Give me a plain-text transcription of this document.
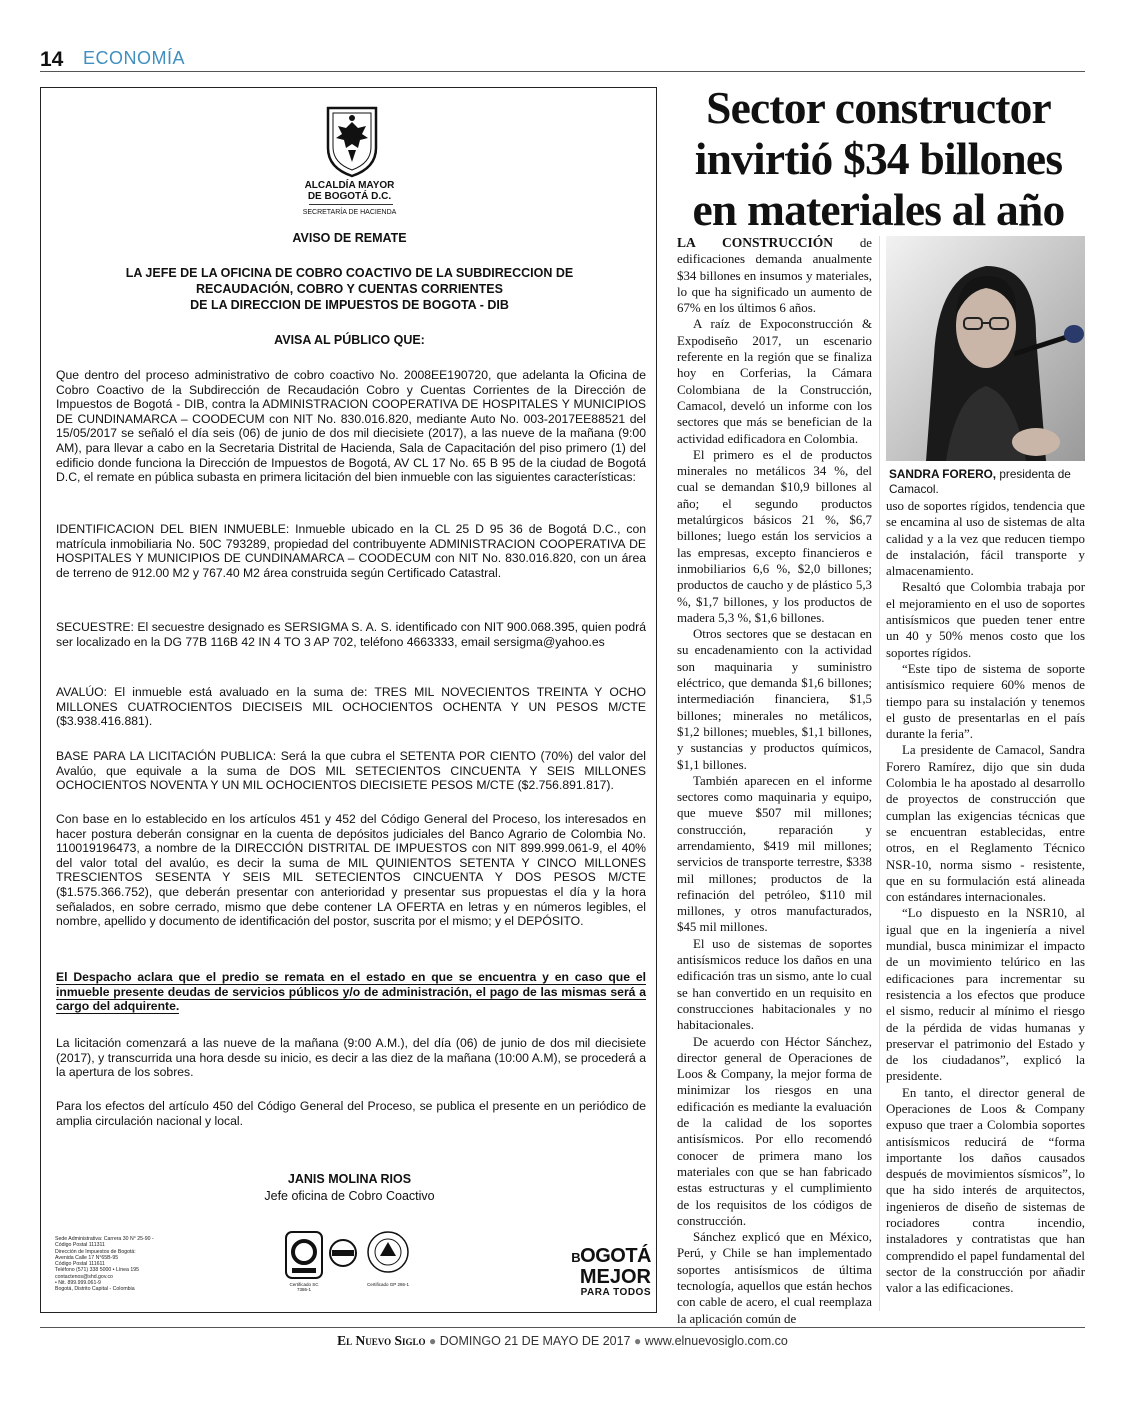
14 ECONOMÍA
ALCALDÍA MAYOR
DE BOGOTÁ D.C.
SECRETARÍA DE HACIENDA
AVISO DE REMATE
LA JEFE DE LA OFICINA DE COBRO COACTIVO DE LA SUBDIRECCION DE
RECAUDACIÓN, COBRO Y CUENTAS CORRIENTES
DE LA DIRECCION DE IMPUESTOS DE BOGOTA - DIB
AVISA AL PÚBLICO QUE:
Que dentro del proceso administrativo de cobro coactivo No. 2008EE190720, que adelanta la Oficina de Cobro Coactivo de la Subdirección de Recaudación Cobro y Cuentas Corrientes de la Dirección de Impuestos de Bogotá - DIB, contra la ADMINISTRACION COOPERATIVA DE HOSPITALES Y MUNICIPIOS DE CUNDINAMARCA – COODECUM con NIT No. 830.016.820, mediante Auto No. 003-2017EE88521 del 15/05/2017 se señaló el día seis (06) de junio de dos mil diecisiete (2017), a las nueve de la mañana (9:00 AM), para llevar a cabo en la Secretaria Distrital de Hacienda, Sala de Capacitación del piso primero (1) del edificio donde funciona la Dirección de Impuestos de Bogotá, AV CL 17 No. 65 B 95 de la ciudad de Bogotá D.C, el remate en pública subasta en primera licitación del bien inmueble con las siguientes características:
IDENTIFICACION DEL BIEN INMUEBLE: Inmueble ubicado en la CL 25 D 95 36 de Bogotá D.C., con matrícula inmobiliaria No. 50C 793289, propiedad del contribuyente ADMINISTRACION COOPERATIVA DE HOSPITALES Y MUNICIPIOS DE CUNDINAMARCA – COODECUM con NIT No. 830.016.820, con un área de terreno de 912.00 M2 y 767.40 M2 área construida según Certificado Catastral.
SECUESTRE: El secuestre designado es SERSIGMA S. A. S. identificado con NIT 900.068.395, quien podrá ser localizado en la DG 77B 116B 42 IN 4 TO 3 AP 702, teléfono 4663333, email sersigma@yahoo.es
AVALÚO: El inmueble está avaluado en la suma de: TRES MIL NOVECIENTOS TREINTA Y OCHO MILLONES CUATROCIENTOS DIECISEIS MIL OCHOCIENTOS OCHENTA Y UN PESOS M/CTE ($3.938.416.881).
BASE PARA LA LICITACIÓN PUBLICA: Será la que cubra el SETENTA POR CIENTO (70%) del valor del Avalúo, que equivale a la suma de DOS MIL SETECIENTOS CINCUENTA Y SEIS MILLONES OCHOCIENTOS NOVENTA Y UN MIL OCHOCIENTOS DIECISIETE PESOS M/CTE ($2.756.891.817).
Con base en lo establecido en los artículos 451 y 452 del Código General del Proceso, los interesados en hacer postura deberán consignar en la cuenta de depósitos judiciales del Banco Agrario de Colombia No. 110019196473, a nombre de la DIRECCIÓN DISTRITAL DE IMPUESTOS con NIT 899.999.061-9, el 40% del valor total del avalúo, es decir la suma de MIL QUINIENTOS SETENTA Y CINCO MILLONES TRESCIENTOS SESENTA Y SEIS MIL SETECIENTOS CINCUENTA Y DOS PESOS M/CTE ($1.575.366.752), que deberán presentar con anterioridad y presentar sus propuestas el día y la hora señalados, en sobre cerrado, mismo que debe contener LA OFERTA en letras y en números legibles, el nombre, apellido y documento de identificación del postor, suscrita por el mismo; y el DEPÓSITO.
El Despacho aclara que el predio se remata en el estado en que se encuentra y en caso que el inmueble presente deudas de servicios públicos y/o de administración, el pago de las mismas será a cargo del adquirente.
La licitación comenzará a las nueve de la mañana (9:00 A.M.), del día (06) de junio de dos mil diecisiete (2017), y transcurrida una hora desde su inicio, es decir a las diez de la mañana (10:00 A.M), se procederá a la apertura de los sobres.
Para los efectos del artículo 450 del Código General del Proceso, se publica el presente en un periódico de amplia circulación nacional y local.
JANIS MOLINA RIOS
Jefe oficina de Cobro Coactivo
Sede Administrativa: Carrera 30 N° 25-90 -
Código Postal 111311
Dirección de Impuestos de Bogotá:
Avenida Calle 17 N°65B-95
Código Postal 111611
Teléfono (571) 338 5000 • Línea 195
contactenos@shd.gov.co
• Nit. 899.999.061-9
Bogotá, Distrito Capital - Colombia
Certificado SC 7386-1
Certificado GP 286-1
BOGOTÁ
MEJOR
PARA TODOS
Sector constructor
invirtió $34 billones
en materiales al año

LA CONSTRUCCIÓN de edificaciones demanda anualmente $34 billones en insumos y materiales, lo que ha significado un aumento de 67% en los últimos 6 años.

A raíz de Expoconstrucción & Expodiseño 2017, un escenario referente en la región que se finaliza hoy en Corferias, la Cámara Colombiana de la Construcción, Camacol, develó un informe con los sectores que más se benefician de la actividad edificadora en Colombia.

El primero es el de productos minerales no metálicos 34 %, del cual se demandan $10,9 billones al año; el segundo productos metalúrgicos básicos 21 %, $6,7 billones; luego están los servicios a las empresas, excepto financieros e inmobiliarios 6,6 %, $2,0 billones; productos de caucho y de plástico 5,3 %, $1,7 billones, y los productos de madera 5,3 %, $1,6 billones.

Otros sectores que se destacan en su encadenamiento con la actividad son maquinaria y suministro eléctrico, que demanda $1,6 billones; intermediación financiera, $1,5 billones; minerales no metálicos, $1,2 billones; muebles, $1,1 billones, y sustancias y productos químicos, $1,1 billones.

También aparecen en el informe sectores como maquinaria y equipo, que mueve $507 mil millones; construcción, reparación y arrendamiento, $419 mil millones; servicios de transporte terrestre, $338 mil millones; productos de la refinación del petróleo, $110 mil millones, y otros manufacturados, $45 mil millones.

El uso de sistemas de soportes antisísmicos reduce los daños en una edificación tras un sismo, ante lo cual se han convertido en un requisito en construcciones habitacionales y no habitacionales.

De acuerdo con Héctor Sánchez, director general de Operaciones de Loos & Company, la mejor forma de minimizar los riesgos en una edificación es mediante la evaluación de la calidad de los soportes antisísmicos. Por ello recomendó conocer de primera mano los materiales con que se han fabricado estas estructuras y el cumplimiento de los requisitos de los códigos de construcción.

Sánchez explicó que en México, Perú, y Chile se han implementado soportes antisísmicos de última tecnología, aquellos que están hechos con cable de acero, el cual reemplaza la aplicación común de

SANDRA FORERO, presidenta de Camacol.

uso de soportes rígidos, tendencia que se encamina al uso de sistemas de alta calidad y a la vez que reducen tiempo de instalación, fácil transporte y almacenamiento.

Resaltó que Colombia trabaja por el mejoramiento en el uso de soportes antisísmicos que pueden tener entre un 40 y 50% menos costo que los soportes rígidos.

“Este tipo de sistema de soporte antisísmico requiere 60% menos de tiempo para su instalación y tenemos el gusto de presentarlas en el país durante la feria”.

La presidente de Camacol, Sandra Forero Ramírez, dijo que sin duda Colombia le ha apostado al desarrollo de proyectos de construcción que cumplan las exigencias técnicas que se encuentran establecidas, entre otros, en el Reglamento Técnico NSR-10, norma sismo - resistente, que en su formulación está alineada con estándares internacionales.

“Lo dispuesto en la NSR10, al igual que en la ingeniería a nivel mundial, busca minimizar el impacto de un movimiento telúrico en las edificaciones para incrementar su resistencia a los efectos que produce el sismo, reducir al mínimo el riesgo de la pérdida de vidas humanas y preservar el patrimonio del Estado y de los ciudadanos”, explicó la presidente.

En tanto, el director general de Operaciones de Loos & Company expuso que traer a Colombia soportes antisísmicos reducirá de “forma importante los daños causados después de movimientos sísmicos”, lo que ha sido interés de arquitectos, ingenieros de diseño de sistemas de rociadores contra incendio, instaladores y contratistas que han comprendido el papel fundamental del sector de la construcción por añadir valor a las edificaciones.

El Nuevo Siglo ● DOMINGO 21 DE MAYO DE 2017 ● www.elnuevosiglo.com.co
